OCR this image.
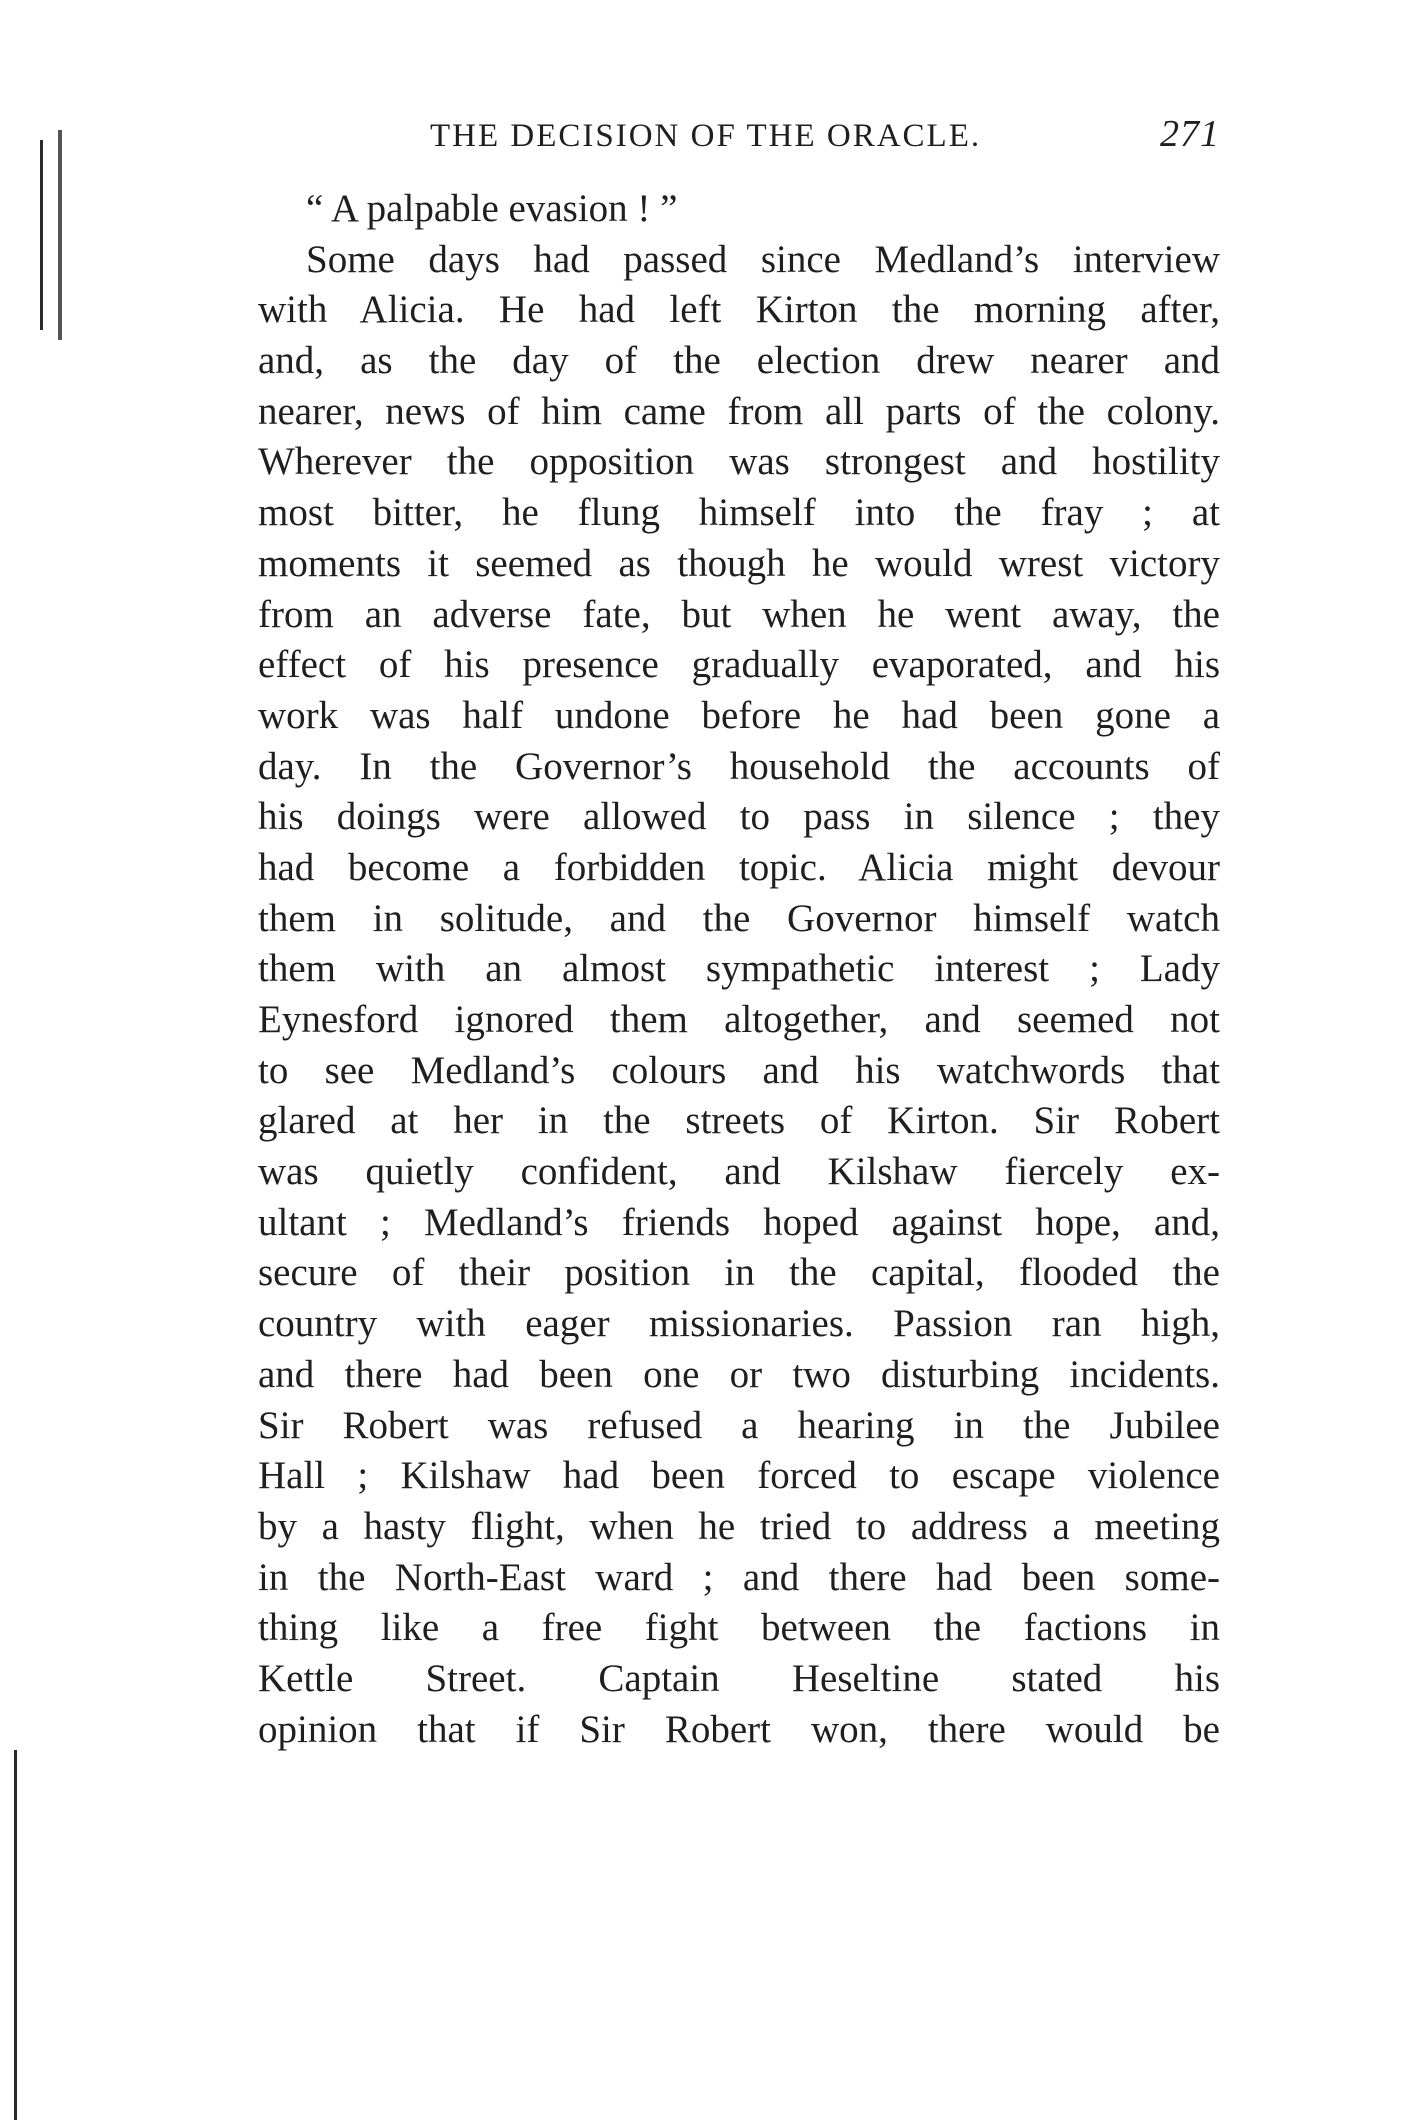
THE DECISION OF THE ORACLE.	271
“ A palpable evasion ! ”
Some days had passed since Medland’s interview
with Alicia. He had left Kirton the morning after,
and, as the day of the election drew nearer and
nearer, news of him came from all parts of the colony.
Wherever the opposition was strongest and hostility
most bitter, he flung himself into the fray ; at
moments it seemed as though he would wrest victory
from an adverse fate, but when he went away, the
effect of his presence gradually evaporated, and his
work was half undone before he had been gone a
day. In the Governor’s household the accounts of
his doings were allowed to pass in silence ; they
had become a forbidden topic. Alicia might devour
them in solitude, and the Governor himself watch
them with an almost sympathetic interest ; Lady
Eynesford ignored them altogether, and seemed not
to see Medland’s colours and his watchwords that
glared at her in the streets of Kirton. Sir Robert
was quietly confident, and Kilshaw fiercely ex-
ultant ; Medland’s friends hoped against hope, and,
secure of their position in the capital, flooded the
country with eager missionaries. Passion ran high,
and there had been one or two disturbing incidents.
Sir Robert was refused a hearing in the Jubilee
Hall ; Kilshaw had been forced to escape violence
by a hasty flight, when he tried to address a meeting
in the North-East ward ; and there had been some-
thing like a free fight between the factions in
Kettle Street. Captain Heseltine stated his
opinion that if Sir Robert won, there would be
